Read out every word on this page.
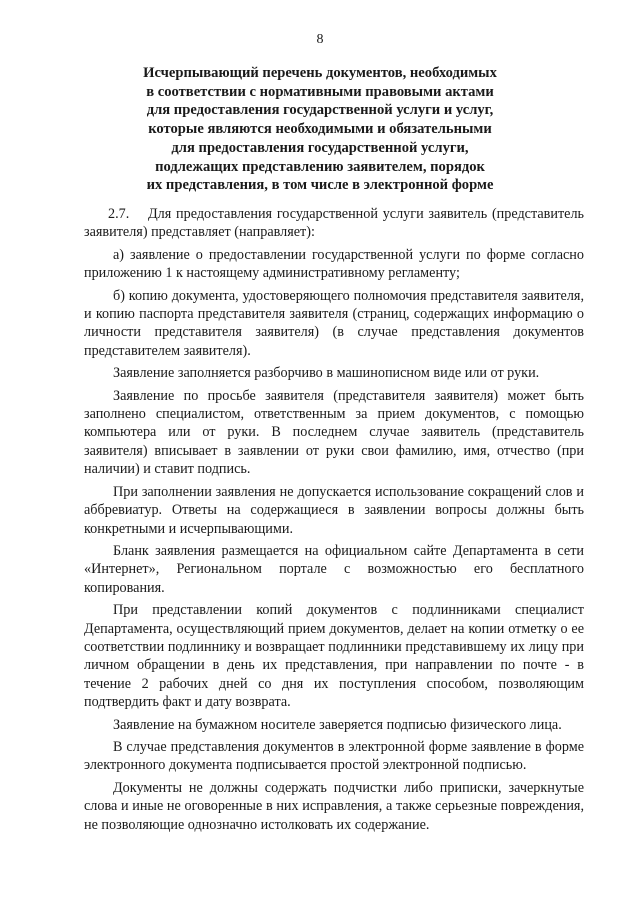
8
Исчерпывающий перечень документов, необходимых
в соответствии с нормативными правовыми актами
для предоставления государственной услуги и услуг,
которые являются необходимыми и обязательными
для предоставления государственной услуги,
подлежащих представлению заявителем, порядок
их представления, в том числе в электронной форме

2.7. Для предоставления государственной услуги заявитель (представитель заявителя) представляет (направляет):

а) заявление о предоставлении государственной услуги по форме согласно приложению 1 к настоящему административному регламенту;

б) копию документа, удостоверяющего полномочия представителя заявителя, и копию паспорта представителя заявителя (страниц, содержащих информацию о личности представителя заявителя) (в случае представления документов представителем заявителя).

Заявление заполняется разборчиво в машинописном виде или от руки.

Заявление по просьбе заявителя (представителя заявителя) может быть заполнено специалистом, ответственным за прием документов, с помощью компьютера или от руки. В последнем случае заявитель (представитель заявителя) вписывает в заявлении от руки свои фамилию, имя, отчество (при наличии) и ставит подпись.

При заполнении заявления не допускается использование сокращений слов и аббревиатур. Ответы на содержащиеся в заявлении вопросы должны быть конкретными и исчерпывающими.

Бланк заявления размещается на официальном сайте Департамента в сети «Интернет», Региональном портале с возможностью его бесплатного копирования.

При представлении копий документов с подлинниками специалист Департамента, осуществляющий прием документов, делает на копии отметку о ее соответствии подлиннику и возвращает подлинники представившему их лицу при личном обращении в день их представления, при направлении по почте - в течение 2 рабочих дней со дня их поступления способом, позволяющим подтвердить факт и дату возврата.

Заявление на бумажном носителе заверяется подписью физического лица.

В случае представления документов в электронной форме заявление в форме электронного документа подписывается простой электронной подписью.

Документы не должны содержать подчистки либо приписки, зачеркнутые слова и иные не оговоренные в них исправления, а также серьезные повреждения, не позволяющие однозначно истолковать их содержание.
